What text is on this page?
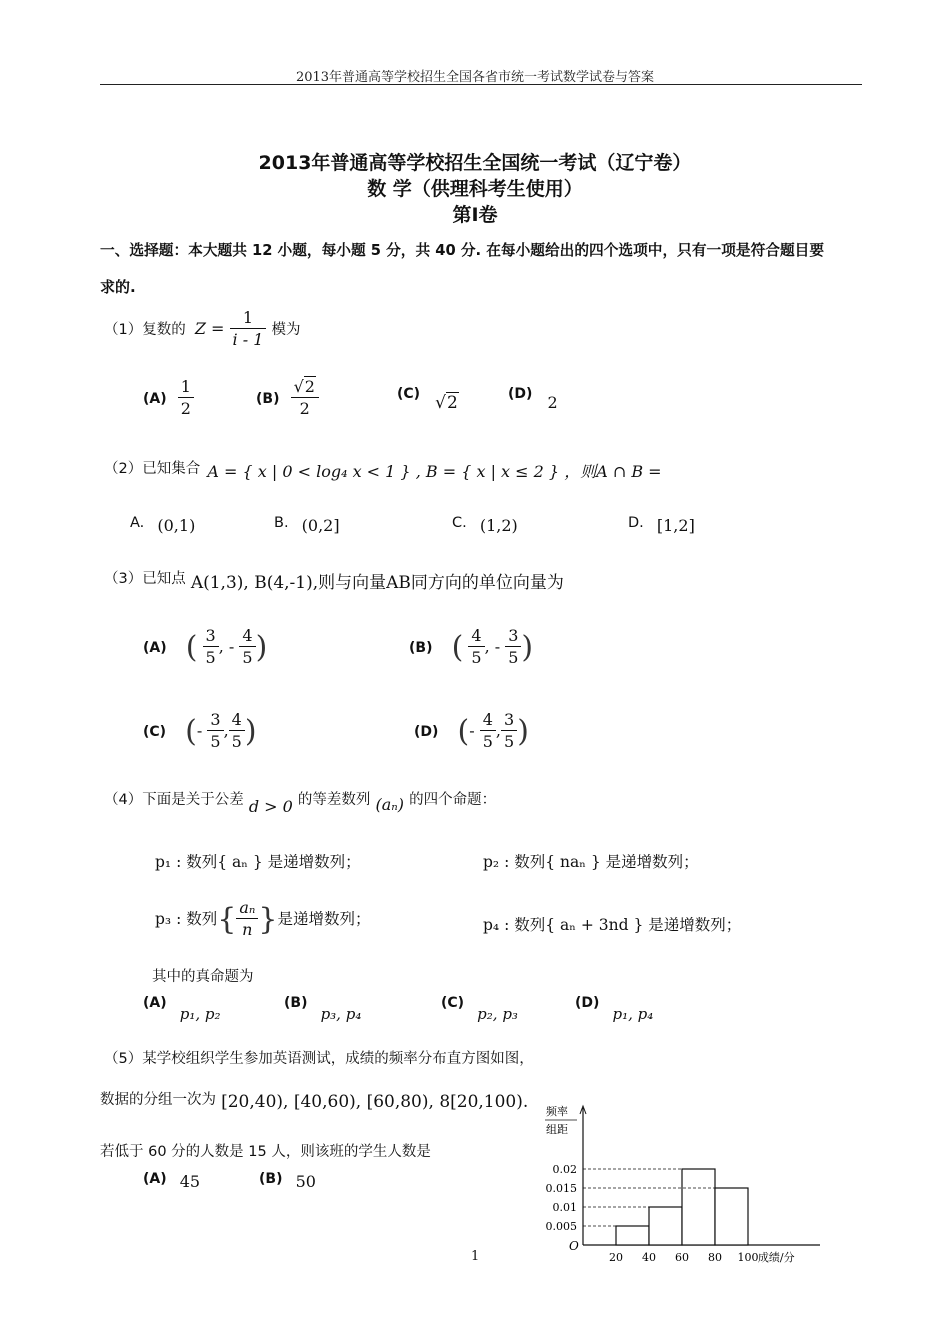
2013年普通高等学校招生全国各省市统一考试数学试卷与答案
2013年普通高等学校招生全国统一考试（辽宁卷）
数 学（供理科考生使用）
第I卷
一、选择题：本大题共 12 小题，每小题 5 分，共 40 分. 在每小题给出的四个选项中，只有一项是符合题目要
求的.
（1）复数的 $Z = \frac{1}{i - 1}$ 模为
$(A) \frac{1}{2}$	$(B) \frac{√2}{2}$	(C) √2	(D) 2
（2）已知集合 A = { x | 0 < log₄ x < 1 } , B = { x | x ≤ 2 } ，则A ∩ B =
A. (0,1)	B. (0,2]	C. (1,2)	D. [1,2]
（3）已知点 A(1,3), B(4,-1),则与向量AB同方向的单位向量为
(A) ( $\frac{3}{5}$ , - $\frac{4}{5}$ )	(B) ( $\frac{4}{5}$ , - $\frac{3}{5}$ )
(C) (- $\frac{3}{5}$ , $\frac{4}{5}$ )	(D) (- $\frac{4}{5}$ , $\frac{3}{5}$ )
（4）下面是关于公差 d > 0 的等差数列 (aₙ) 的四个命题：
p₁ : 数列{ aₙ } 是递增数列；	p₂ : 数列{ naₙ } 是递增数列；
p₃ : 数列{ $\frac{\text{aₙ}}{n}$ }是递增数列；	p₄ : 数列{ aₙ + 3nd } 是递增数列；
其中的真命题为
(A) p₁, p₂
(B) p₃, p₄
(C) p₂, p₃
(D) p₁, p₄
（5）某学校组织学生参加英语测试，成绩的频率分布直方图如图，
数据的分组一次为 [20,40), [40,60), [60,80), 8[20,100).
若低于 60 分的人数是 15 人，则该班的学生人数是
(A) 45	(B) 50
频率
组距
O
0.005
0.01
0.015
0.02
20 40 60 80 100 成绩/分
1
